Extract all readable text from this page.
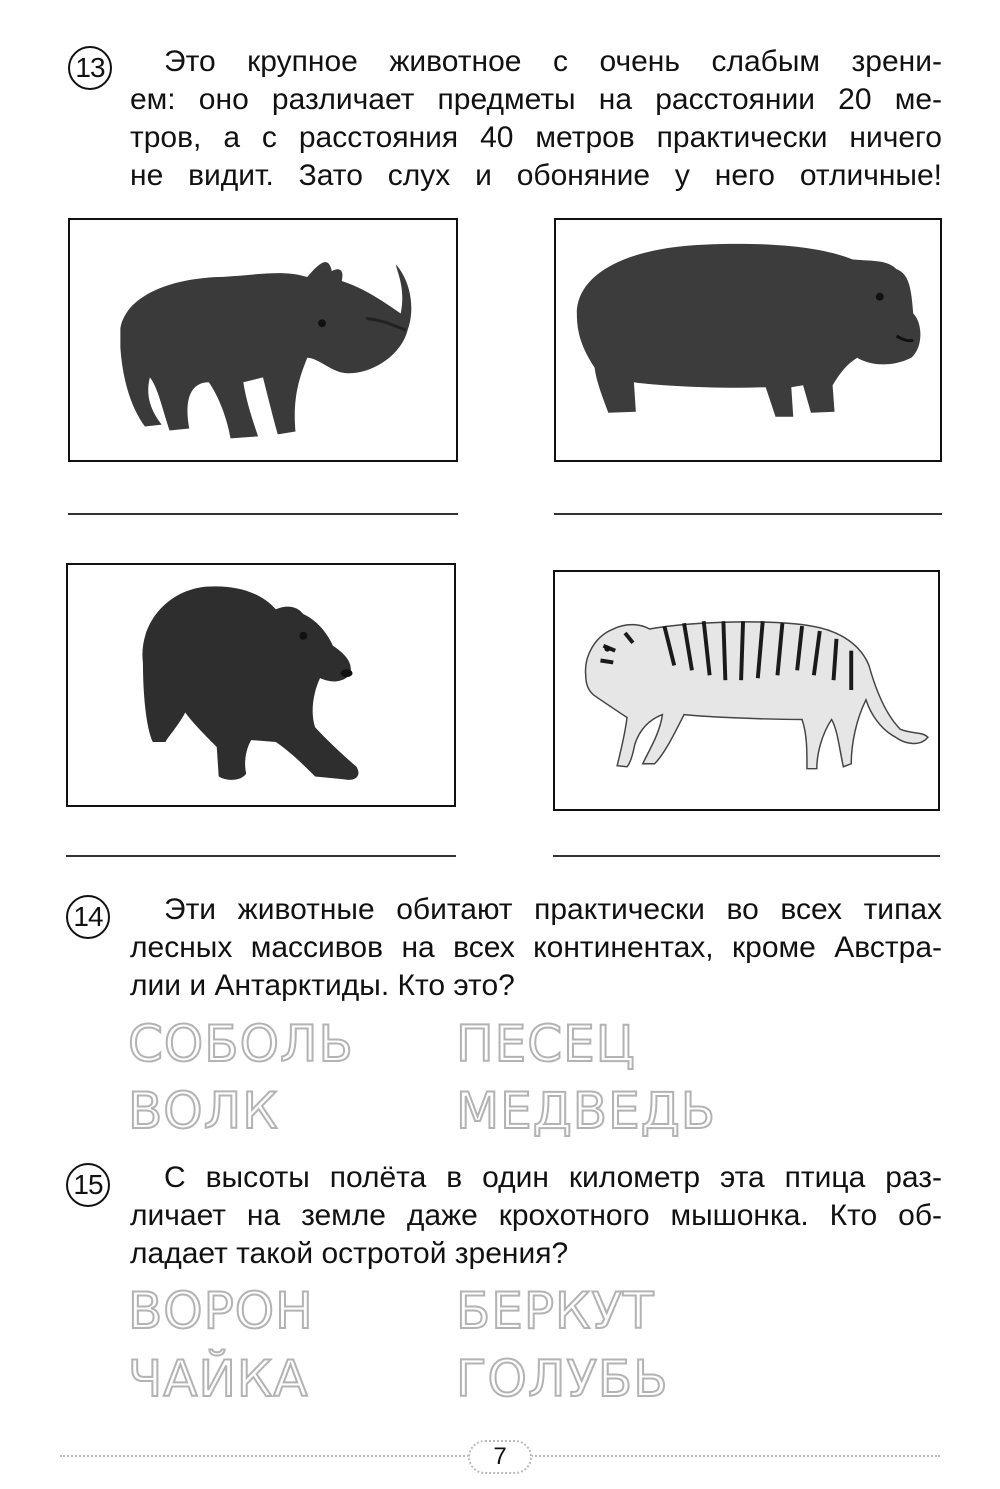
13	Это крупное животное с очень слабым зрени-
ем: оно различает предметы на расстоянии 20 ме-
тров, а с расстояния 40 метров практически ничего
не видит. Зато слух и обоняние у него отличные!
14	Эти животные обитают практически во всех типах
лесных массивов на всех континентах, кроме Австра-
лии и Антарктиды. Кто это?
СОБОЛЬ ПЕСЕЦ
ВОЛК	МЕДВЕДЬ
15	С высоты полёта в один километр эта птица раз-
личает на земле даже крохотного мышонка. Кто об-
ладает такой остротой зрения?
ВОРОН	БЕРКУТ
ЧАЙКА	ГОЛУБЬ
7
